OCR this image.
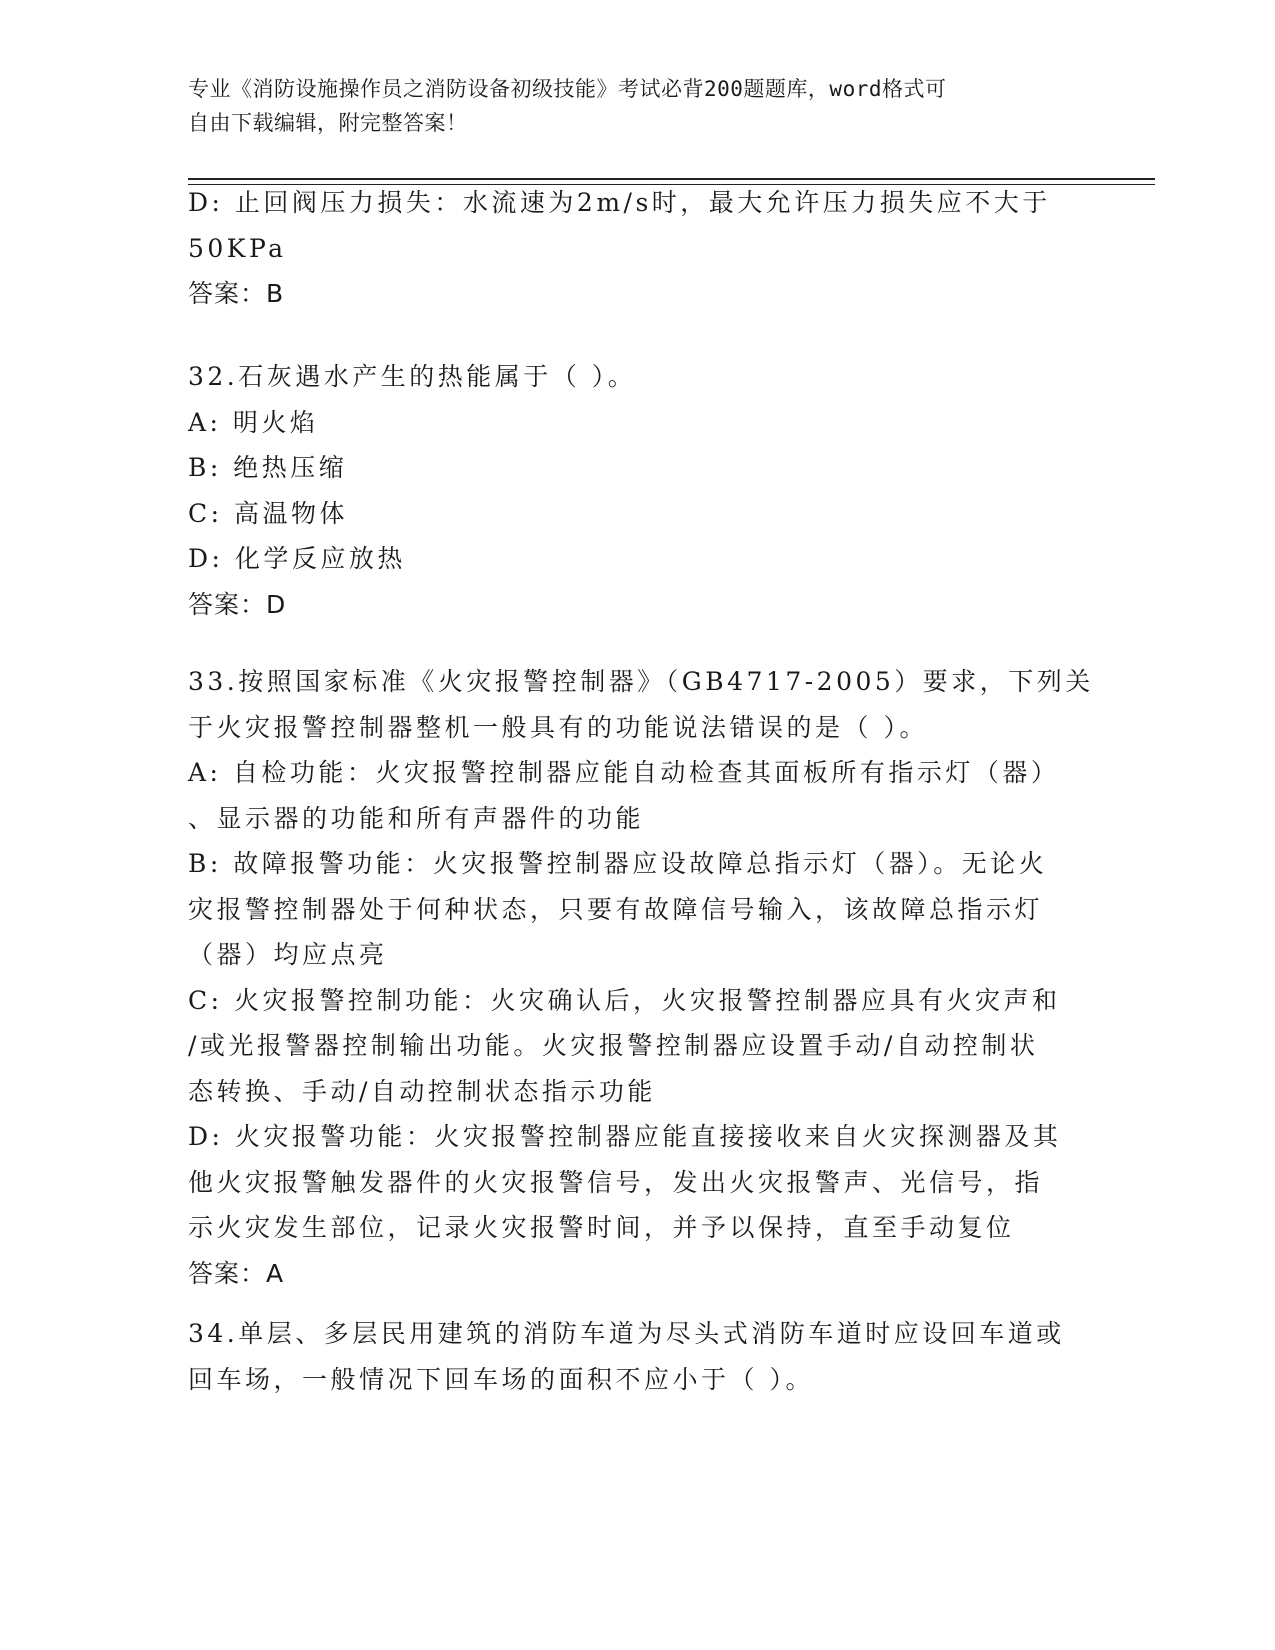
专业《消防设施操作员之消防设备初级技能》考试必背200题题库，word格式可
自由下载编辑，附完整答案！
D: 止回阀压力损失：水流速为2m/s时，最大允许压力损失应不大于
50KPa
答案：B
32.石灰遇水产生的热能属于（ ）。
A: 明火焰
B: 绝热压缩
C: 高温物体
D: 化学反应放热
答案：D
33.按照国家标准《火灾报警控制器》（GB4717-2005）要求，下列关
于火灾报警控制器整机一般具有的功能说法错误的是（ ）。
A: 自检功能：火灾报警控制器应能自动检查其面板所有指示灯（器）
、显示器的功能和所有声器件的功能
B: 故障报警功能：火灾报警控制器应设故障总指示灯（器）。无论火
灾报警控制器处于何种状态，只要有故障信号输入，该故障总指示灯
（器）均应点亮
C: 火灾报警控制功能：火灾确认后，火灾报警控制器应具有火灾声和
/或光报警器控制输出功能。火灾报警控制器应设置手动/自动控制状
态转换、手动/自动控制状态指示功能
D: 火灾报警功能：火灾报警控制器应能直接接收来自火灾探测器及其
他火灾报警触发器件的火灾报警信号，发出火灾报警声、光信号，指
示火灾发生部位，记录火灾报警时间，并予以保持，直至手动复位
答案：A
34.单层、多层民用建筑的消防车道为尽头式消防车道时应设回车道或
回车场，一般情况下回车场的面积不应小于（ ）。
